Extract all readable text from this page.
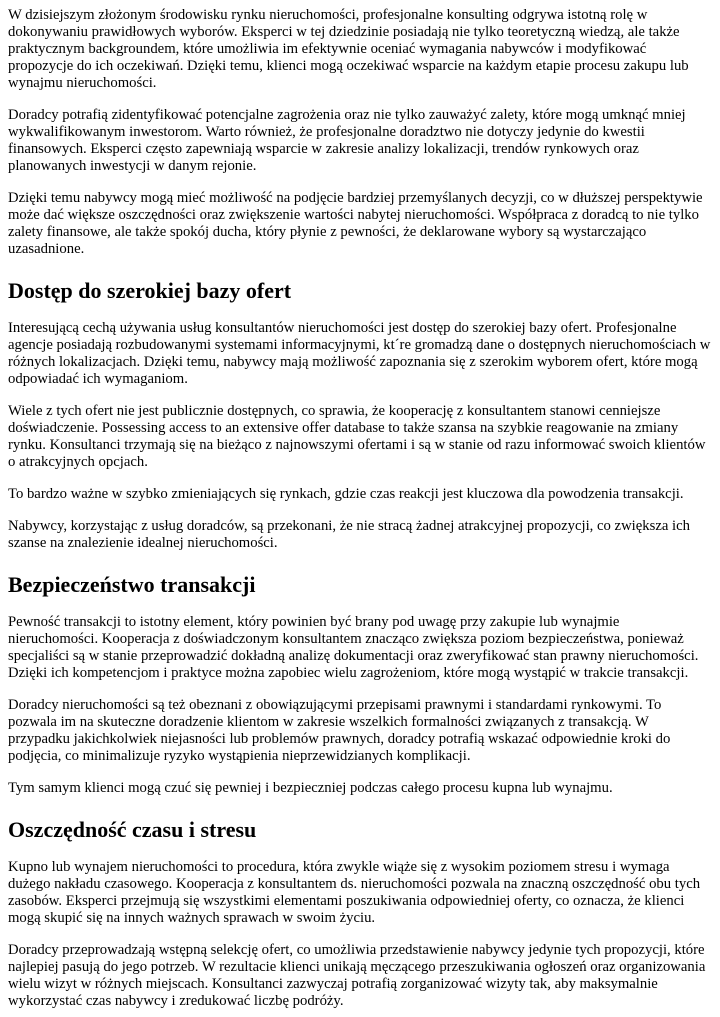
W dzisiejszym złożonym środowisku rynku nieruchomości, profesjonalne konsulting odgrywa istotną rolę w dokonywaniu prawidłowych wyborów. Eksperci w tej dziedzinie posiadają nie tylko teoretyczną wiedzą, ale także praktycznym backgroundem, które umożliwia im efektywnie oceniać wymagania nabywców i modyfikować propozycje do ich oczekiwań. Dzięki temu, klienci mogą oczekiwać wsparcie na każdym etapie procesu zakupu lub wynajmu nieruchomości.

Doradcy potrafią zidentyfikować potencjalne zagrożenia oraz nie tylko zauważyć zalety, które mogą umknąć mniej wykwalifikowanym inwestorom. Warto również, że profesjonalne doradztwo nie dotyczy jedynie do kwestii finansowych. Eksperci często zapewniają wsparcie w zakresie analizy lokalizacji, trendów rynkowych oraz planowanych inwestycji w danym rejonie.

Dzięki temu nabywcy mogą mieć możliwość na podjęcie bardziej przemyślanych decyzji, co w dłuższej perspektywie może dać większe oszczędności oraz zwiększenie wartości nabytej nieruchomości. Współpraca z doradcą to nie tylko zalety finansowe, ale także spokój ducha, który płynie z pewności, że deklarowane wybory są wystarczająco uzasadnione.

Dostęp do szerokiej bazy ofert

Interesującą cechą używania usług konsultantów nieruchomości jest dostęp do szerokiej bazy ofert. Profesjonalne agencje posiadają rozbudowanymi systemami informacyjnymi, kt´re gromadzą dane o dostępnych nieruchomościach w różnych lokalizacjach. Dzięki temu, nabywcy mają możliwość zapoznania się z szerokim wyborem ofert, które mogą odpowiadać ich wymaganiom.

Wiele z tych ofert nie jest publicznie dostępnych, co sprawia, że kooperację z konsultantem stanowi cenniejsze doświadczenie. Possessing access to an extensive offer database to także szansa na szybkie reagowanie na zmiany rynku. Konsultanci trzymają się na bieżąco z najnowszymi ofertami i są w stanie od razu informować swoich klientów o atrakcyjnych opcjach.

To bardzo ważne w szybko zmieniających się rynkach, gdzie czas reakcji jest kluczowa dla powodzenia transakcji.

Nabywcy, korzystając z usług doradców, są przekonani, że nie stracą żadnej atrakcyjnej propozycji, co zwiększa ich szanse na znalezienie idealnej nieruchomości.

Bezpieczeństwo transakcji

Pewność transakcji to istotny element, który powinien być brany pod uwagę przy zakupie lub wynajmie nieruchomości. Kooperacja z doświadczonym konsultantem znacząco zwiększa poziom bezpieczeństwa, ponieważ specjaliści są w stanie przeprowadzić dokładną analizę dokumentacji oraz zweryfikować stan prawny nieruchomości. Dzięki ich kompetencjom i praktyce można zapobiec wielu zagrożeniom, które mogą wystąpić w trakcie transakcji.

Doradcy nieruchomości są też obeznani z obowiązującymi przepisami prawnymi i standardami rynkowymi. To pozwala im na skuteczne doradzenie klientom w zakresie wszelkich formalności związanych z transakcją. W przypadku jakichkolwiek niejasności lub problemów prawnych, doradcy potrafią wskazać odpowiednie kroki do podjęcia, co minimalizuje ryzyko wystąpienia nieprzewidzianych komplikacji.

Tym samym klienci mogą czuć się pewniej i bezpieczniej podczas całego procesu kupna lub wynajmu.

Oszczędność czasu i stresu

Kupno lub wynajem nieruchomości to procedura, która zwykle wiąże się z wysokim poziomem stresu i wymaga dużego nakładu czasowego. Kooperacja z konsultantem ds. nieruchomości pozwala na znaczną oszczędność obu tych zasobów. Eksperci przejmują się wszystkimi elementami poszukiwania odpowiedniej oferty, co oznacza, że klienci mogą skupić się na innych ważnych sprawach w swoim życiu.

Doradcy przeprowadzają wstępną selekcję ofert, co umożliwia przedstawienie nabywcy jedynie tych propozycji, które najlepiej pasują do jego potrzeb. W rezultacie klienci unikają męczącego przeszukiwania ogłoszeń oraz organizowania wielu wizyt w różnych miejscach. Konsultanci zazwyczaj potrafią zorganizować wizyty tak, aby maksymalnie wykorzystać czas nabywcy i zredukować liczbę podróży.
